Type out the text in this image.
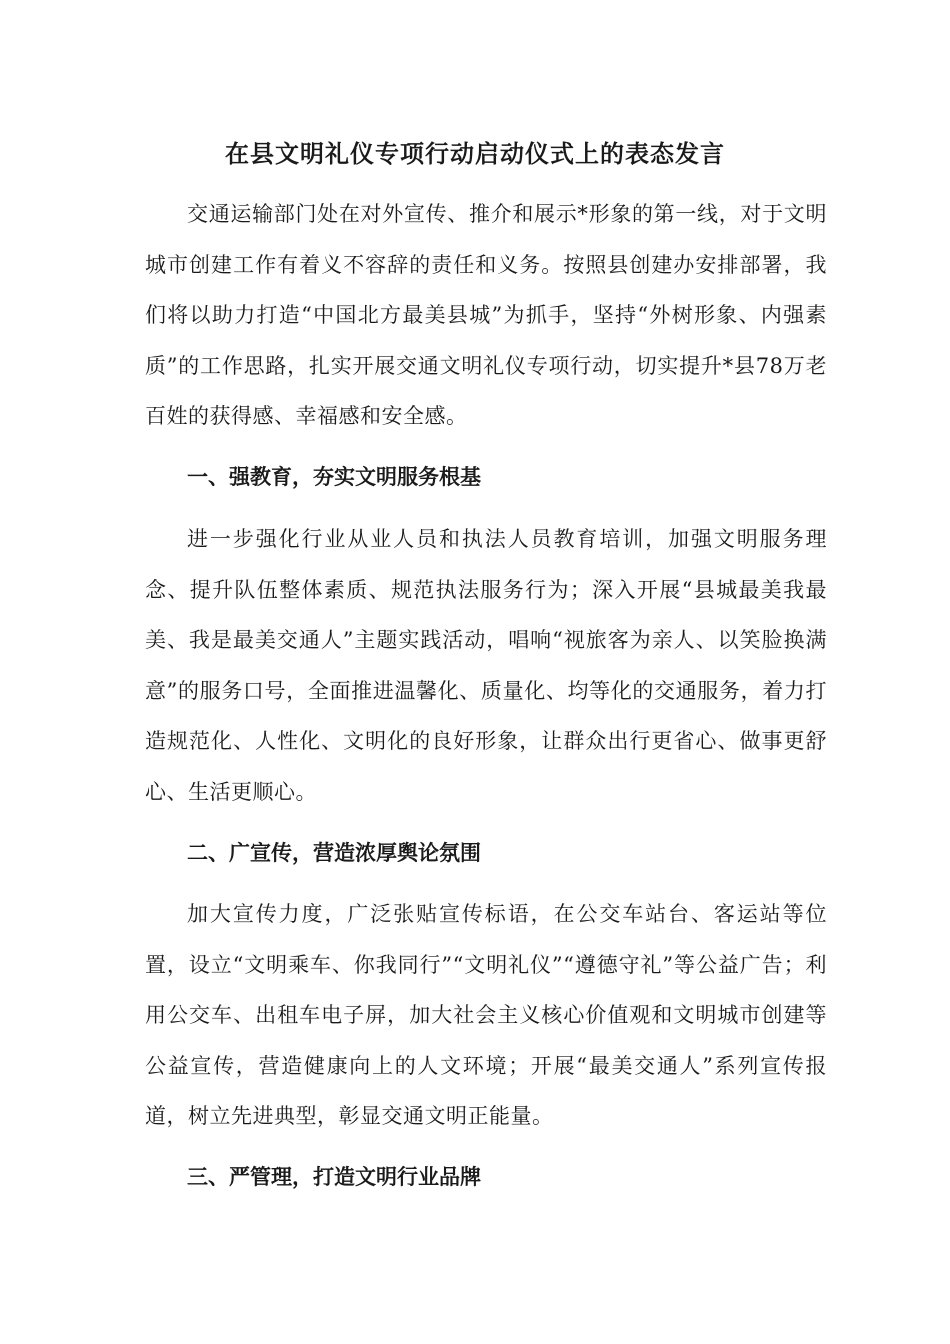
在县文明礼仪专项行动启动仪式上的表态发言

交通运输部门处在对外宣传、推介和展示*形象的第一线，对于文明城市创建工作有着义不容辞的责任和义务。按照县创建办安排部署，我们将以助力打造“中国北方最美县城”为抓手，坚持“外树形象、内强素质”的工作思路，扎实开展交通文明礼仪专项行动，切实提升*县78万老百姓的获得感、幸福感和安全感。

一、强教育，夯实文明服务根基

进一步强化行业从业人员和执法人员教育培训，加强文明服务理念、提升队伍整体素质、规范执法服务行为；深入开展“县城最美我最美、我是最美交通人”主题实践活动，唱响“视旅客为亲人、以笑脸换满意”的服务口号，全面推进温馨化、质量化、均等化的交通服务，着力打造规范化、人性化、文明化的良好形象，让群众出行更省心、做事更舒心、生活更顺心。

二、广宣传，营造浓厚舆论氛围

加大宣传力度，广泛张贴宣传标语，在公交车站台、客运站等位置，设立“文明乘车、你我同行”“文明礼仪”“遵德守礼”等公益广告；利用公交车、出租车电子屏，加大社会主义核心价值观和文明城市创建等公益宣传，营造健康向上的人文环境；开展“最美交通人”系列宣传报道，树立先进典型，彰显交通文明正能量。

三、严管理，打造文明行业品牌
